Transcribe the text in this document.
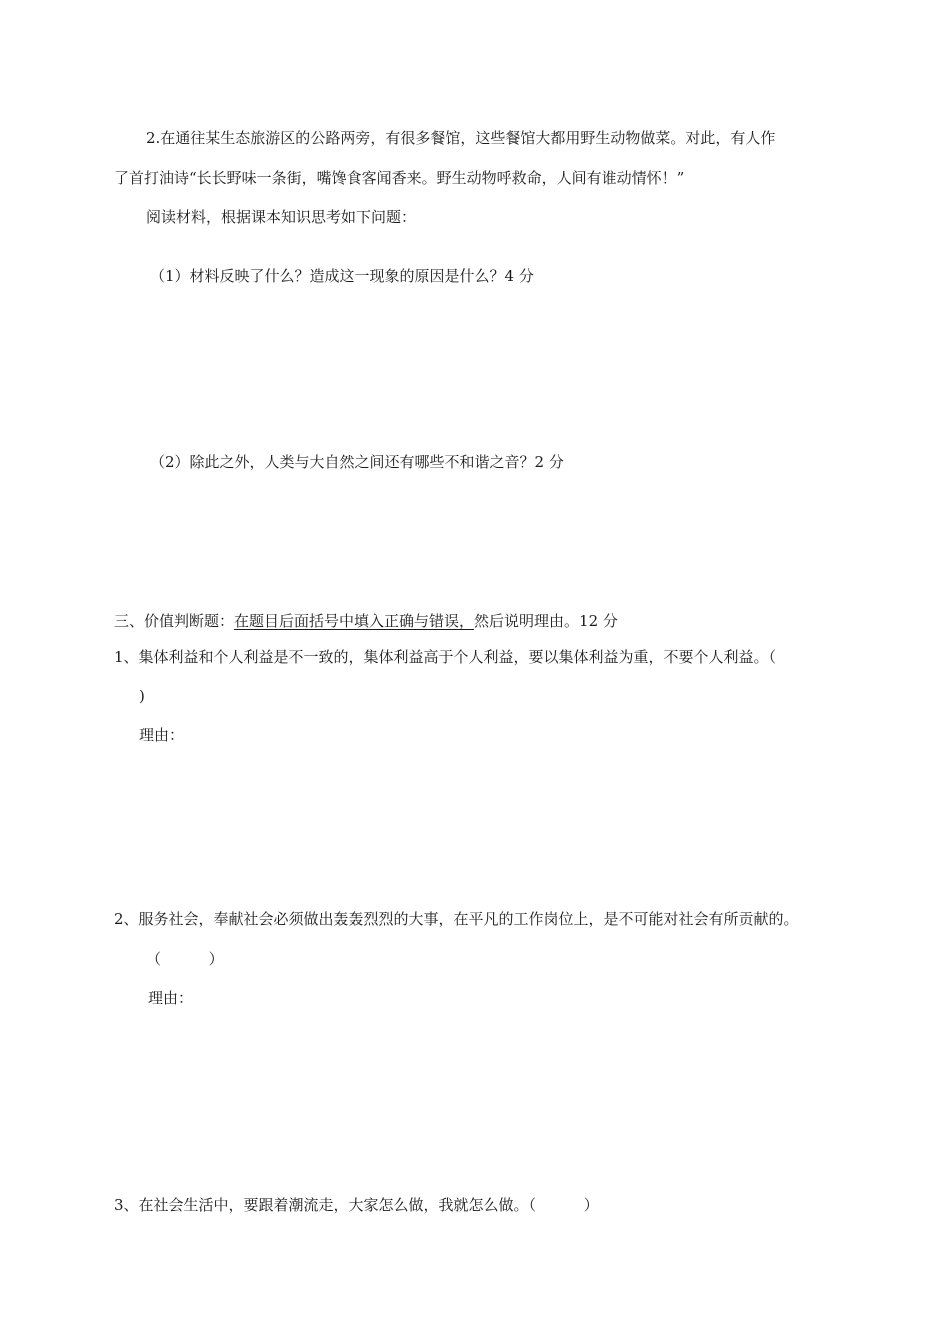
2.在通往某生态旅游区的公路两旁，有很多餐馆，这些餐馆大都用野生动物做菜。对此，有人作
了首打油诗“长长野味一条街，嘴馋食客闻香来。野生动物呼救命，人间有谁动情怀！”
阅读材料，根据课本知识思考如下问题：
（1）材料反映了什么？造成这一现象的原因是什么？4 分
（2）除此之外，人类与大自然之间还有哪些不和谐之音？2 分
三、价值判断题：在题目后面括号中填入正确与错误，然后说明理由。12 分
1、集体利益和个人利益是不一致的，集体利益高于个人利益，要以集体利益为重，不要个人利益。（
)
理由：
2、服务社会，奉献社会必须做出轰轰烈烈的大事，在平凡的工作岗位上，是不可能对社会有所贡献的。
（          ）
理由：
3、在社会生活中，要跟着潮流走，大家怎么做，我就怎么做。（          ）
